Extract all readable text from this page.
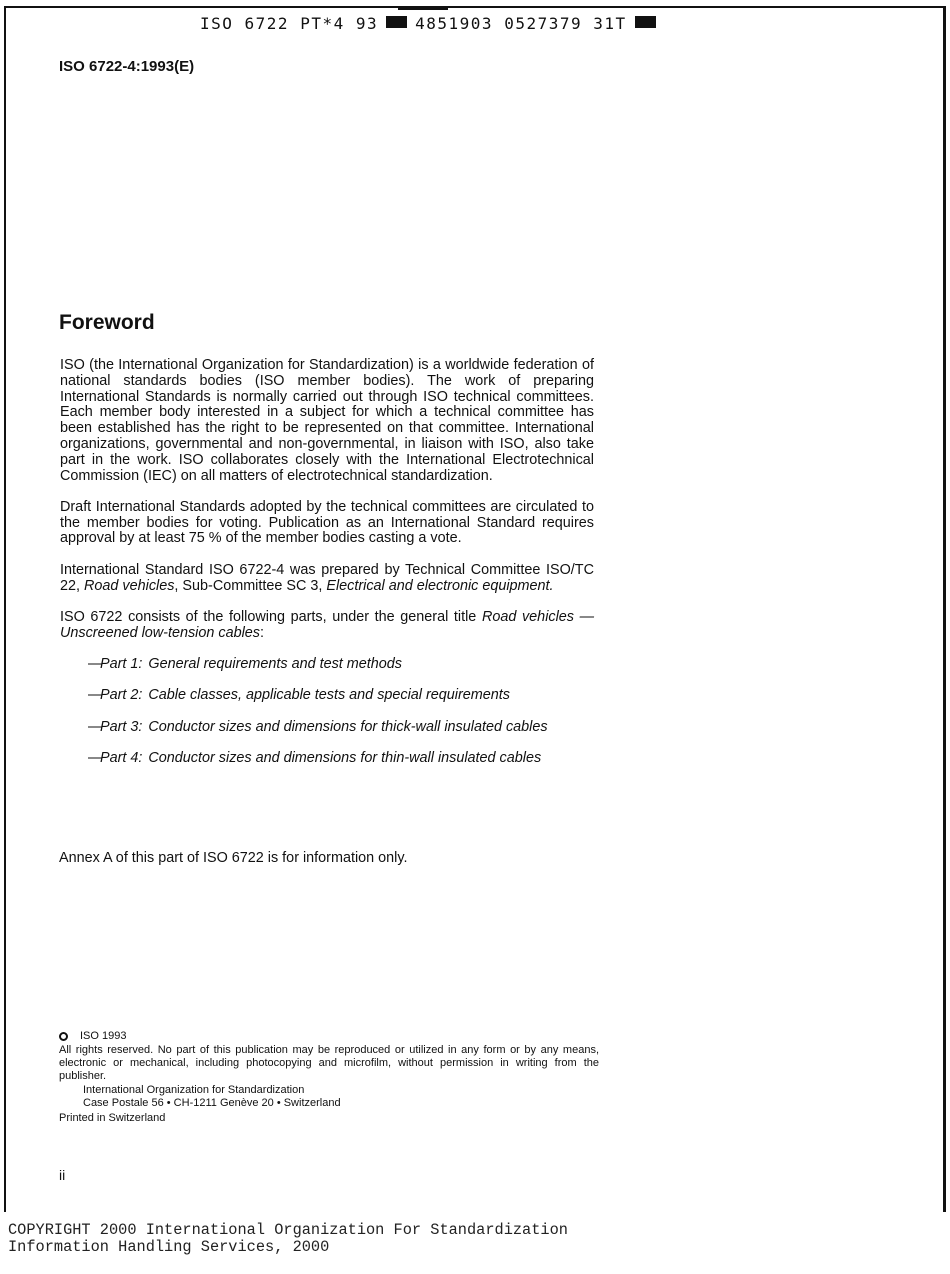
ISO 6722 PT*4 93 4851903 0527379 31T
ISO 6722-4:1993(E)
Foreword

ISO (the International Organization for Standardization) is a worldwide federation of national standards bodies (ISO member bodies). The work of preparing International Standards is normally carried out through ISO technical committees. Each member body interested in a subject for which a technical committee has been established has the right to be represented on that committee. International organizations, governmental and non-governmental, in liaison with ISO, also take part in the work. ISO collaborates closely with the International Electrotechnical Commission (IEC) on all matters of electrotechnical standardization.

Draft International Standards adopted by the technical committees are circulated to the member bodies for voting. Publication as an International Standard requires approval by at least 75 % of the member bodies casting a vote.

International Standard ISO 6722-4 was prepared by Technical Committee ISO/TC 22, Road vehicles, Sub-Committee SC 3, Electrical and electronic equipment.

ISO 6722 consists of the following parts, under the general title Road vehicles — Unscreened low-tension cables:

—
Part 1: General requirements and test methods
—
Part 2: Cable classes, applicable tests and special requirements
—
Part 3: Conductor sizes and dimensions for thick-wall insulated cables
—
Part 4: Conductor sizes and dimensions for thin-wall insulated cables
Annex A of this part of ISO 6722 is for information only.
ISO 1993
All rights reserved. No part of this publication may be reproduced or utilized in any form or by any means, electronic or mechanical, including photocopying and microfilm, without permission in writing from the publisher.
International Organization for Standardization
Case Postale 56 • CH-1211 Genève 20 • Switzerland
Printed in Switzerland
ii
COPYRIGHT 2000 International Organization For Standardization
Information Handling Services, 2000
